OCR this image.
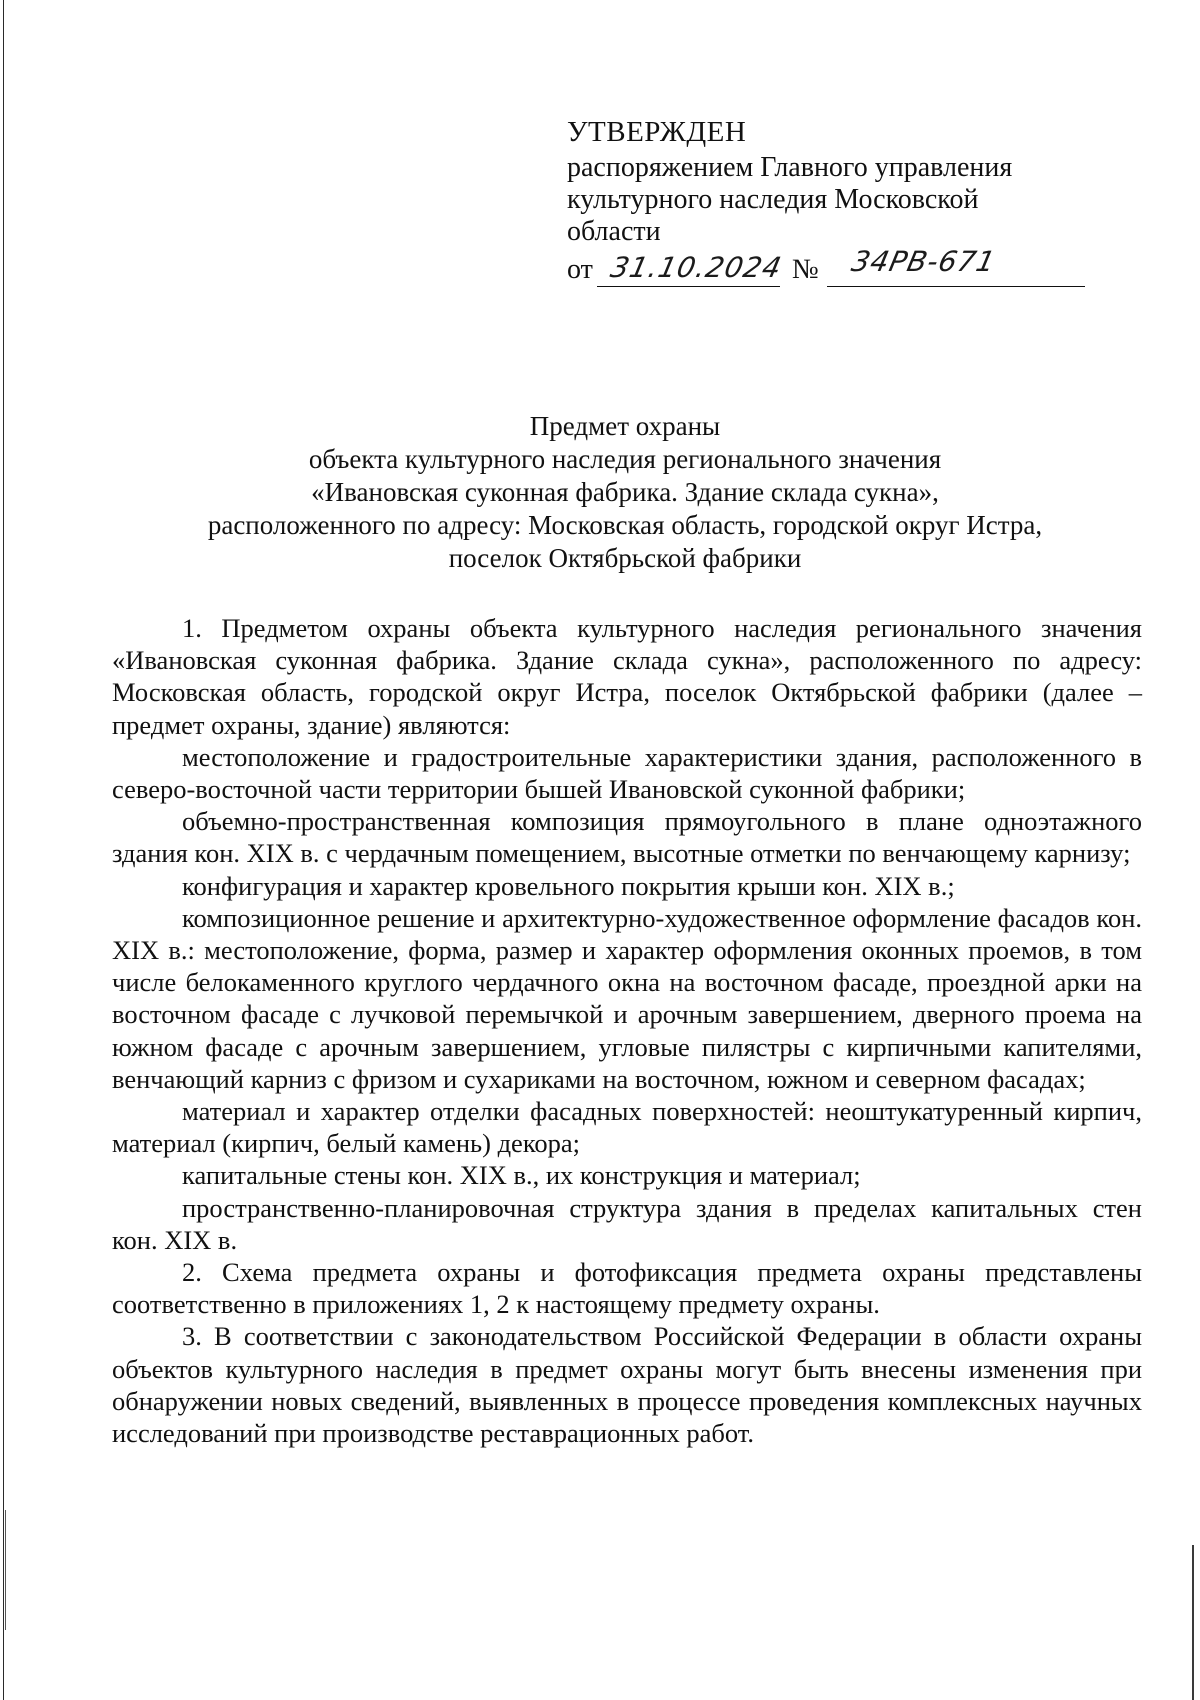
УТВЕРЖДЕН
распоряжением Главного управления
культурного наследия Московской
области
от 31.10.2024 № 34РВ-671
Предмет охраны
объекта культурного наследия регионального значения
«Ивановская суконная фабрика. Здание склада сукна»,
расположенного по адресу: Московская область, городской округ Истра,
поселок Октябрьской фабрики

1. Предметом охраны объекта культурного наследия регионального значения «Ивановская суконная фабрика. Здание склада сукна», расположенного по адресу: Московская область, городской округ Истра, поселок Октябрьской фабрики (далее – предмет охраны, здание) являются:

местоположение и градостроительные характеристики здания, расположенного в северо-восточной части территории бышей Ивановской суконной фабрики;

объемно-пространственная композиция прямоугольного в плане одноэтажного здания кон. XIX в. с чердачным помещением, высотные отметки по венчающему карнизу;

конфигурация и характер кровельного покрытия крыши кон. XIX в.;

композиционное решение и архитектурно-художественное оформление фасадов кон. XIX в.: местоположение, форма, размер и характер оформления оконных проемов, в том числе белокаменного круглого чердачного окна на восточном фасаде, проездной арки на восточном фасаде с лучковой перемычкой и арочным завершением, дверного проема на южном фасаде с арочным завершением, угловые пилястры с кирпичными капителями, венчающий карниз с фризом и сухариками на восточном, южном и северном фасадах;

материал и характер отделки фасадных поверхностей: неоштукатуренный кирпич, материал (кирпич, белый камень) декора;

капитальные стены кон. XIX в., их конструкция и материал;

пространственно-планировочная структура здания в пределах капитальных стен кон. XIX в.

2. Схема предмета охраны и фотофиксация предмета охраны представлены соответственно в приложениях 1, 2 к настоящему предмету охраны.

3. В соответствии с законодательством Российской Федерации в области охраны объектов культурного наследия в предмет охраны могут быть внесены изменения при обнаружении новых сведений, выявленных в процессе проведения комплексных научных исследований при производстве реставрационных работ.
